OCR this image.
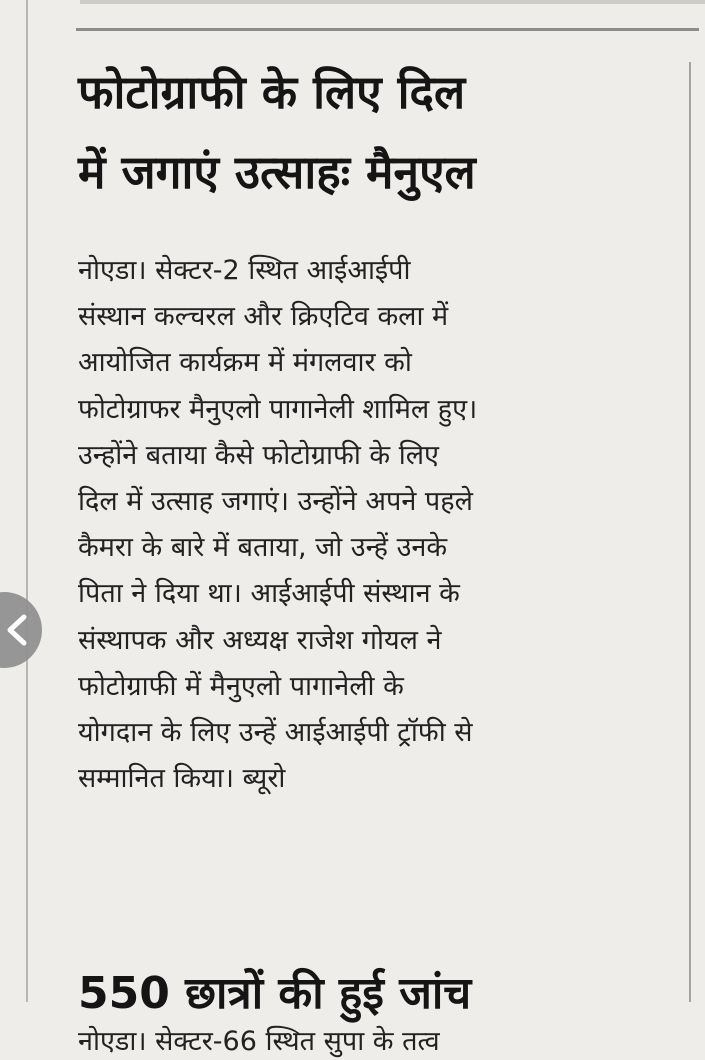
फोटोग्राफी के लिए दिल
में जगाएं उत्साहः मैनुएल
नोएडा। सेक्टर-2 स्थित आईआईपी
संस्थान कल्चरल और क्रिएटिव कला में
आयोजित कार्यक्रम में मंगलवार को
फोटोग्राफर मैनुएलो पागानेली शामिल हुए।
उन्होंने बताया कैसे फोटोग्राफी के लिए
दिल में उत्साह जगाएं। उन्होंने अपने पहले
कैमरा के बारे में बताया, जो उन्हें उनके
पिता ने दिया था। आईआईपी संस्थान के
संस्थापक और अध्यक्ष राजेश गोयल ने
फोटोग्राफी में मैनुएलो पागानेली के
योगदान के लिए उन्हें आईआईपी ट्रॉफी से
सम्मानित किया। ब्यूरो
550 छात्रों की हुई जांच
नोएडा। सेक्टर-66 स्थित सुपा के तत्व
